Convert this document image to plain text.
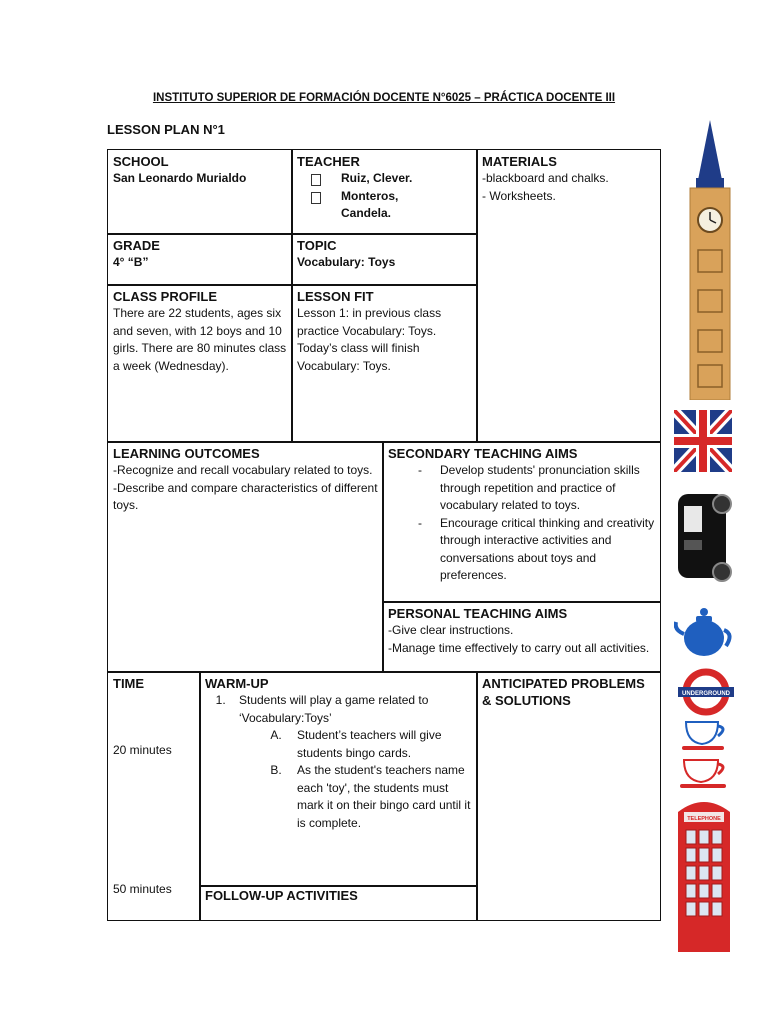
INSTITUTO SUPERIOR DE FORMACIÓN DOCENTE N°6025 – PRÁCTICA DOCENTE III
LESSON PLAN N°1
SCHOOL
San Leonardo Murialdo
TEACHER
Ruiz, Clever.
Monteros,
Candela.
MATERIALS
-blackboard and chalks.
- Worksheets.
GRADE
4° “B”
TOPIC
Vocabulary: Toys
CLASS PROFILE
There are 22 students, ages six and seven, with 12 boys and 10 girls. There are 80 minutes class a week (Wednesday).
LESSON FIT
Lesson 1: in previous class practice Vocabulary: Toys. Today’s class will finish Vocabulary: Toys.
LEARNING OUTCOMES
-Recognize and recall vocabulary related to toys.
-Describe and compare characteristics of different toys.
SECONDARY TEACHING AIMS
- Develop students' pronunciation skills through repetition and practice of vocabulary related to toys.
- Encourage critical thinking and creativity through interactive activities and conversations about toys and preferences.
PERSONAL TEACHING AIMS
-Give clear instructions.
-Manage time effectively to carry out all activities.
TIME
20 minutes
50 minutes
WARM-UP
1. Students will play a game related to ‘Vocabulary:Toys’
A. Student’s teachers will give students bingo cards.
B. As the student's teachers name each 'toy', the students must mark it on their bingo card until it is complete.
FOLLOW-UP ACTIVITIES
ANTICIPATED PROBLEMS & SOLUTIONS	UNDERGROUND
TELEPHONE
